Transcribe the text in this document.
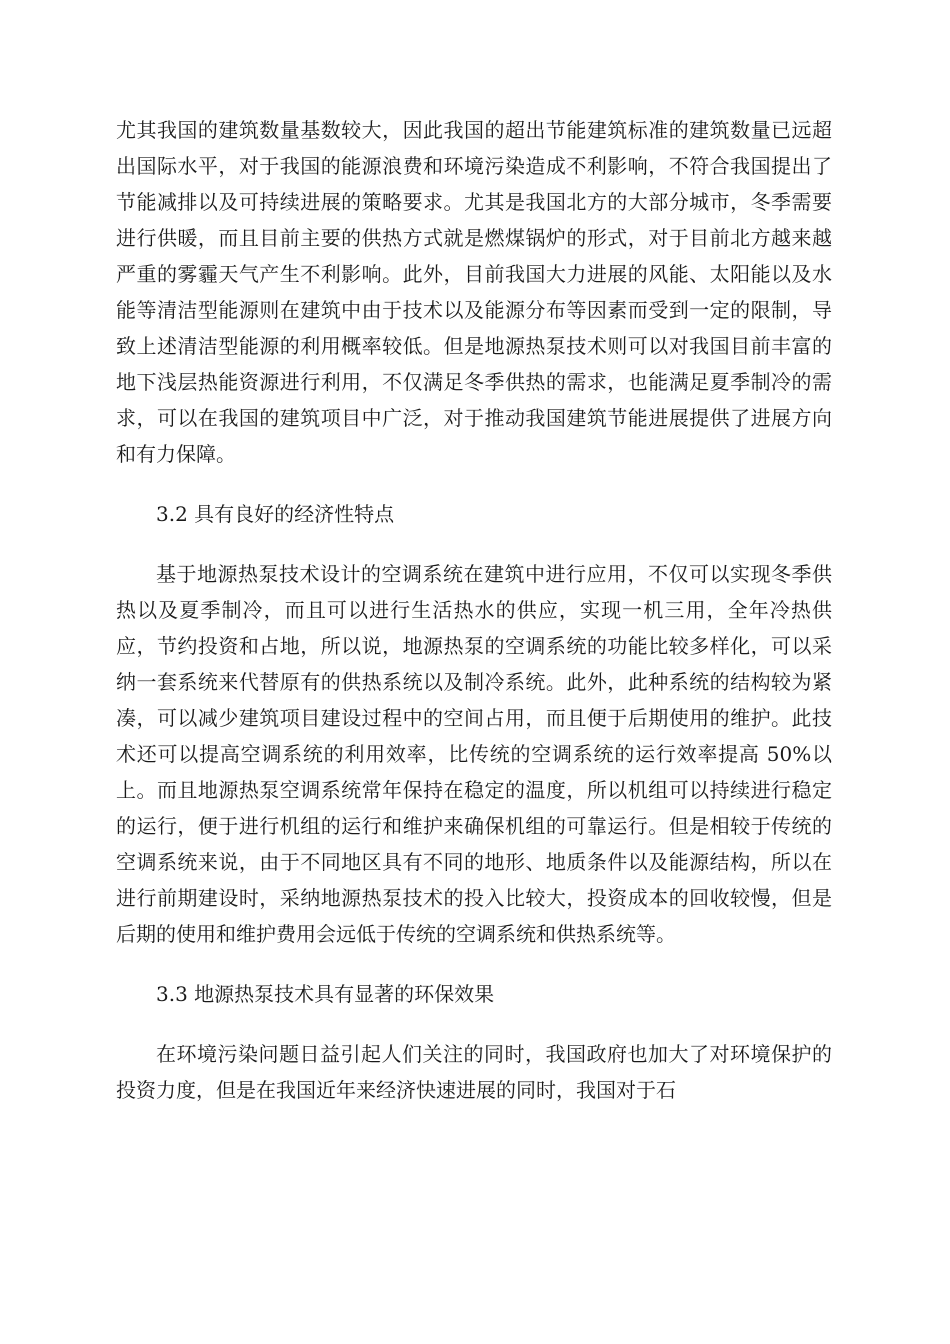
尤其我国的建筑数量基数较大，因此我国的超出节能建筑标准的建筑数量已远超出国际水平，对于我国的能源浪费和环境污染造成不利影响，不符合我国提出了节能减排以及可持续进展的策略要求。尤其是我国北方的大部分城市，冬季需要进行供暖，而且目前主要的供热方式就是燃煤锅炉的形式，对于目前北方越来越严重的雾霾天气产生不利影响。此外，目前我国大力进展的风能、太阳能以及水能等清洁型能源则在建筑中由于技术以及能源分布等因素而受到一定的限制，导致上述清洁型能源的利用概率较低。但是地源热泵技术则可以对我国目前丰富的地下浅层热能资源进行利用，不仅满足冬季供热的需求，也能满足夏季制冷的需求，可以在我国的建筑项目中广泛，对于推动我国建筑节能进展提供了进展方向和有力保障。

3.2 具有良好的经济性特点

基于地源热泵技术设计的空调系统在建筑中进行应用，不仅可以实现冬季供热以及夏季制冷，而且可以进行生活热水的供应，实现一机三用，全年冷热供应，节约投资和占地，所以说，地源热泵的空调系统的功能比较多样化，可以采纳一套系统来代替原有的供热系统以及制冷系统。此外，此种系统的结构较为紧凑，可以减少建筑项目建设过程中的空间占用，而且便于后期使用的维护。此技术还可以提高空调系统的利用效率，比传统的空调系统的运行效率提高 50%以上。而且地源热泵空调系统常年保持在稳定的温度，所以机组可以持续进行稳定的运行，便于进行机组的运行和维护来确保机组的可靠运行。但是相较于传统的空调系统来说，由于不同地区具有不同的地形、地质条件以及能源结构，所以在进行前期建设时，采纳地源热泵技术的投入比较大，投资成本的回收较慢，但是后期的使用和维护费用会远低于传统的空调系统和供热系统等。

3.3 地源热泵技术具有显著的环保效果

在环境污染问题日益引起人们关注的同时，我国政府也加大了对环境保护的投资力度，但是在我国近年来经济快速进展的同时，我国对于石
